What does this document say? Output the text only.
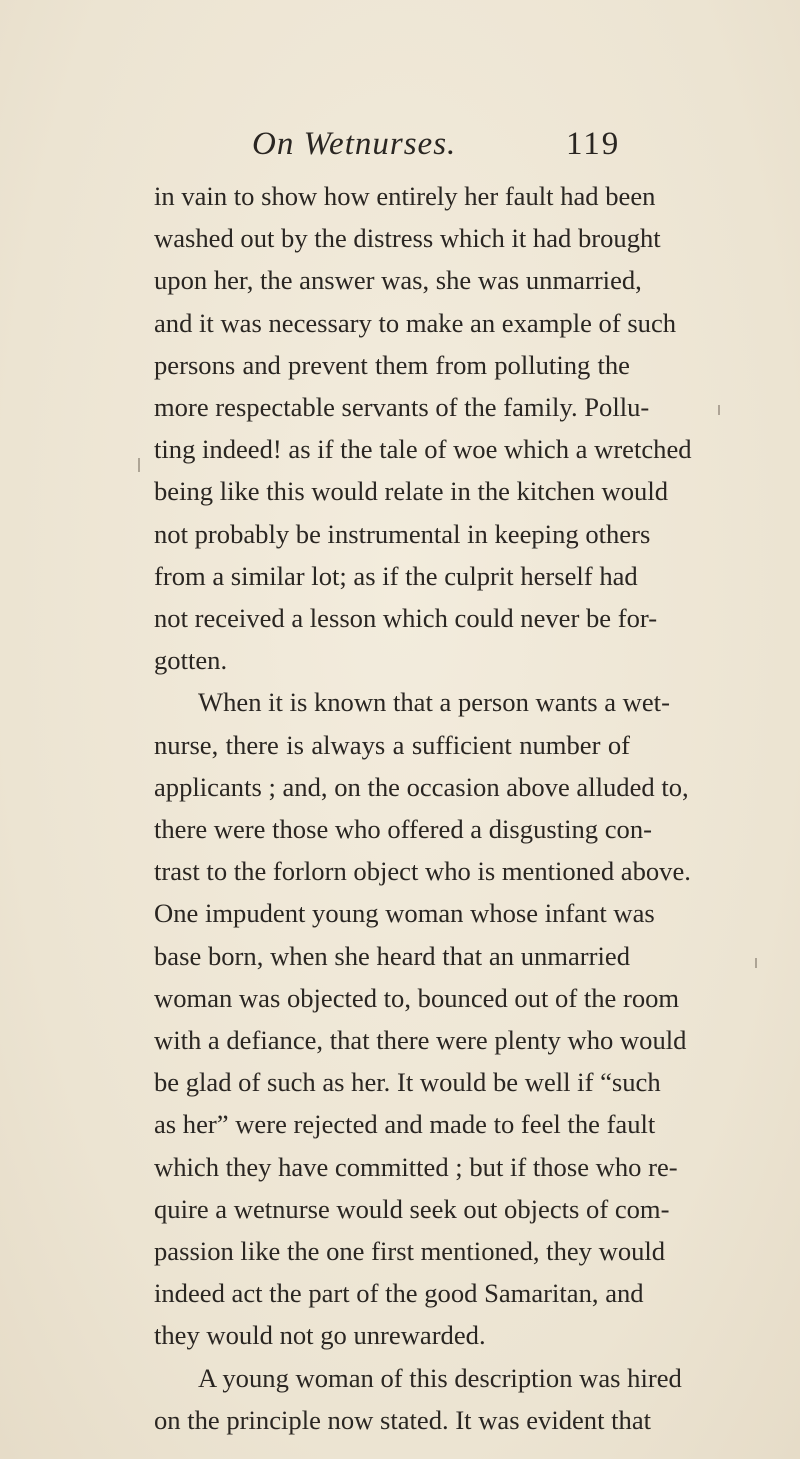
On Wetnurses.	119
in vain to show how entirely her fault had been
washed out by the distress which it had brought
upon her, the answer was, she was unmarried,
and it was necessary to make an example of such
persons and prevent them from polluting the
more respectable servants of the family. Pollu-
ting indeed! as if the tale of woe which a wretched
being like this would relate in the kitchen would
not probably be instrumental in keeping others
from a similar lot; as if the culprit herself had
not received a lesson which could never be for-
gotten.
When it is known that a person wants a wet-
nurse, there is always a sufficient number of
applicants ; and, on the occasion above alluded to,
there were those who offered a disgusting con-
trast to the forlorn object who is mentioned above.
One impudent young woman whose infant was
base born, when she heard that an unmarried
woman was objected to, bounced out of the room
with a defiance, that there were plenty who would
be glad of such as her. It would be well if “such
as her” were rejected and made to feel the fault
which they have committed ; but if those who re-
quire a wetnurse would seek out objects of com-
passion like the one first mentioned, they would
indeed act the part of the good Samaritan, and
they would not go unrewarded.
A young woman of this description was hired
on the principle now stated. It was evident that
